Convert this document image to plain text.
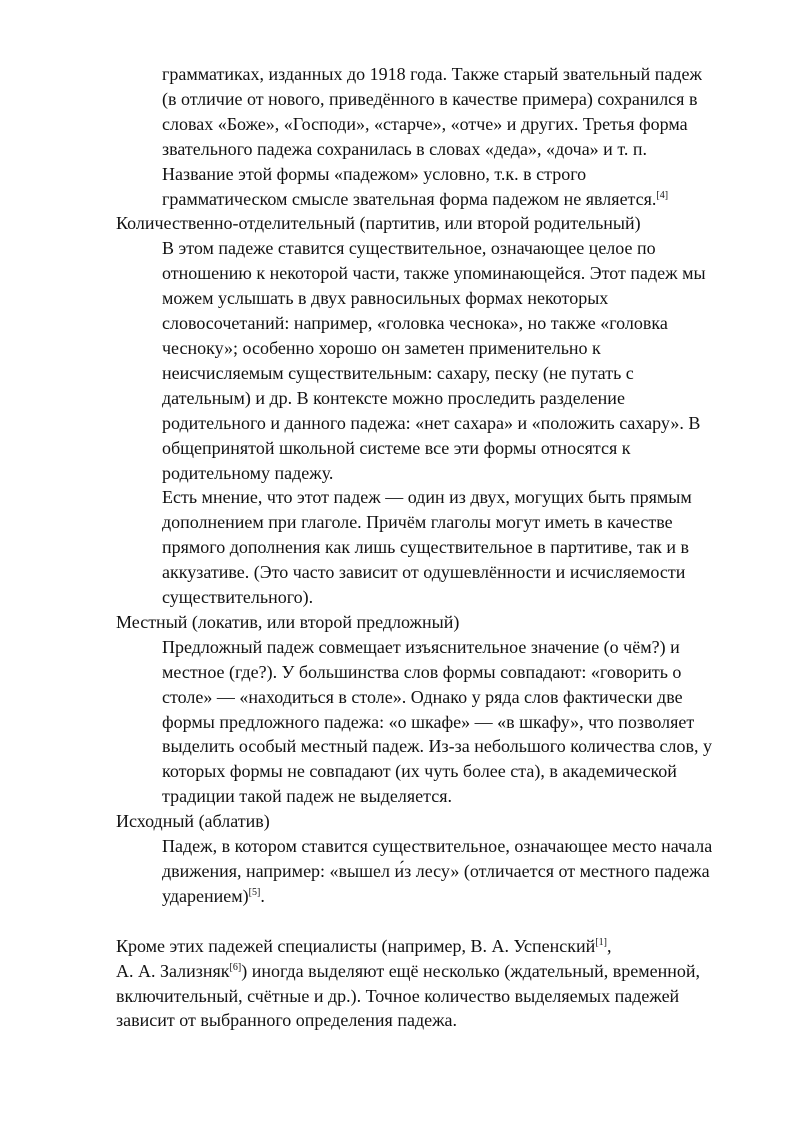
грамматиках, изданных до 1918 года. Также старый звательный падеж
(в отличие от нового, приведённого в качестве примера) сохранился в
словах «Боже», «Господи», «старче», «отче» и других. Третья форма
звательного падежа сохранилась в словах «деда», «доча» и т. п.
Название этой формы «падежом» условно, т.к. в строго
грамматическом смысле звательная форма падежом не является.[4]
Количественно-отделительный (партитив, или второй родительный)
В этом падеже ставится существительное, означающее целое по
отношению к некоторой части, также упоминающейся. Этот падеж мы
можем услышать в двух равносильных формах некоторых
словосочетаний: например, «головка чеснока», но также «головка
чесноку»; особенно хорошо он заметен применительно к
неисчисляемым существительным: сахару, песку (не путать с
дательным) и др. В контексте можно проследить разделение
родительного и данного падежа: «нет сахара» и «положить сахару». В
общепринятой школьной системе все эти формы относятся к
родительному падежу.
Есть мнение, что этот падеж — один из двух, могущих быть прямым
дополнением при глаголе. Причём глаголы могут иметь в качестве
прямого дополнения как лишь существительное в партитиве, так и в
аккузативе. (Это часто зависит от одушевлённости и исчисляемости
существительного).
Местный (локатив, или второй предложный)
Предложный падеж совмещает изъяснительное значение (о чём?) и
местное (где?). У большинства слов формы совпадают: «говорить о
столе» — «находиться в столе». Однако у ряда слов фактически две
формы предложного падежа: «о шкафе» — «в шкафу», что позволяет
выделить особый местный падеж. Из-за небольшого количества слов, у
которых формы не совпадают (их чуть более ста), в академической
традиции такой падеж не выделяется.
Исходный (аблатив)
Падеж, в котором ставится существительное, означающее место начала
движения, например: «вышел и́з лесу» (отличается от местного падежа
ударением)[5].
Кроме этих падежей специалисты (например, В. А. Успенский[1],
А. А. Зализняк[6]) иногда выделяют ещё несколько (ждательный, временной,
включительный, счётные и др.). Точное количество выделяемых падежей
зависит от выбранного определения падежа.
